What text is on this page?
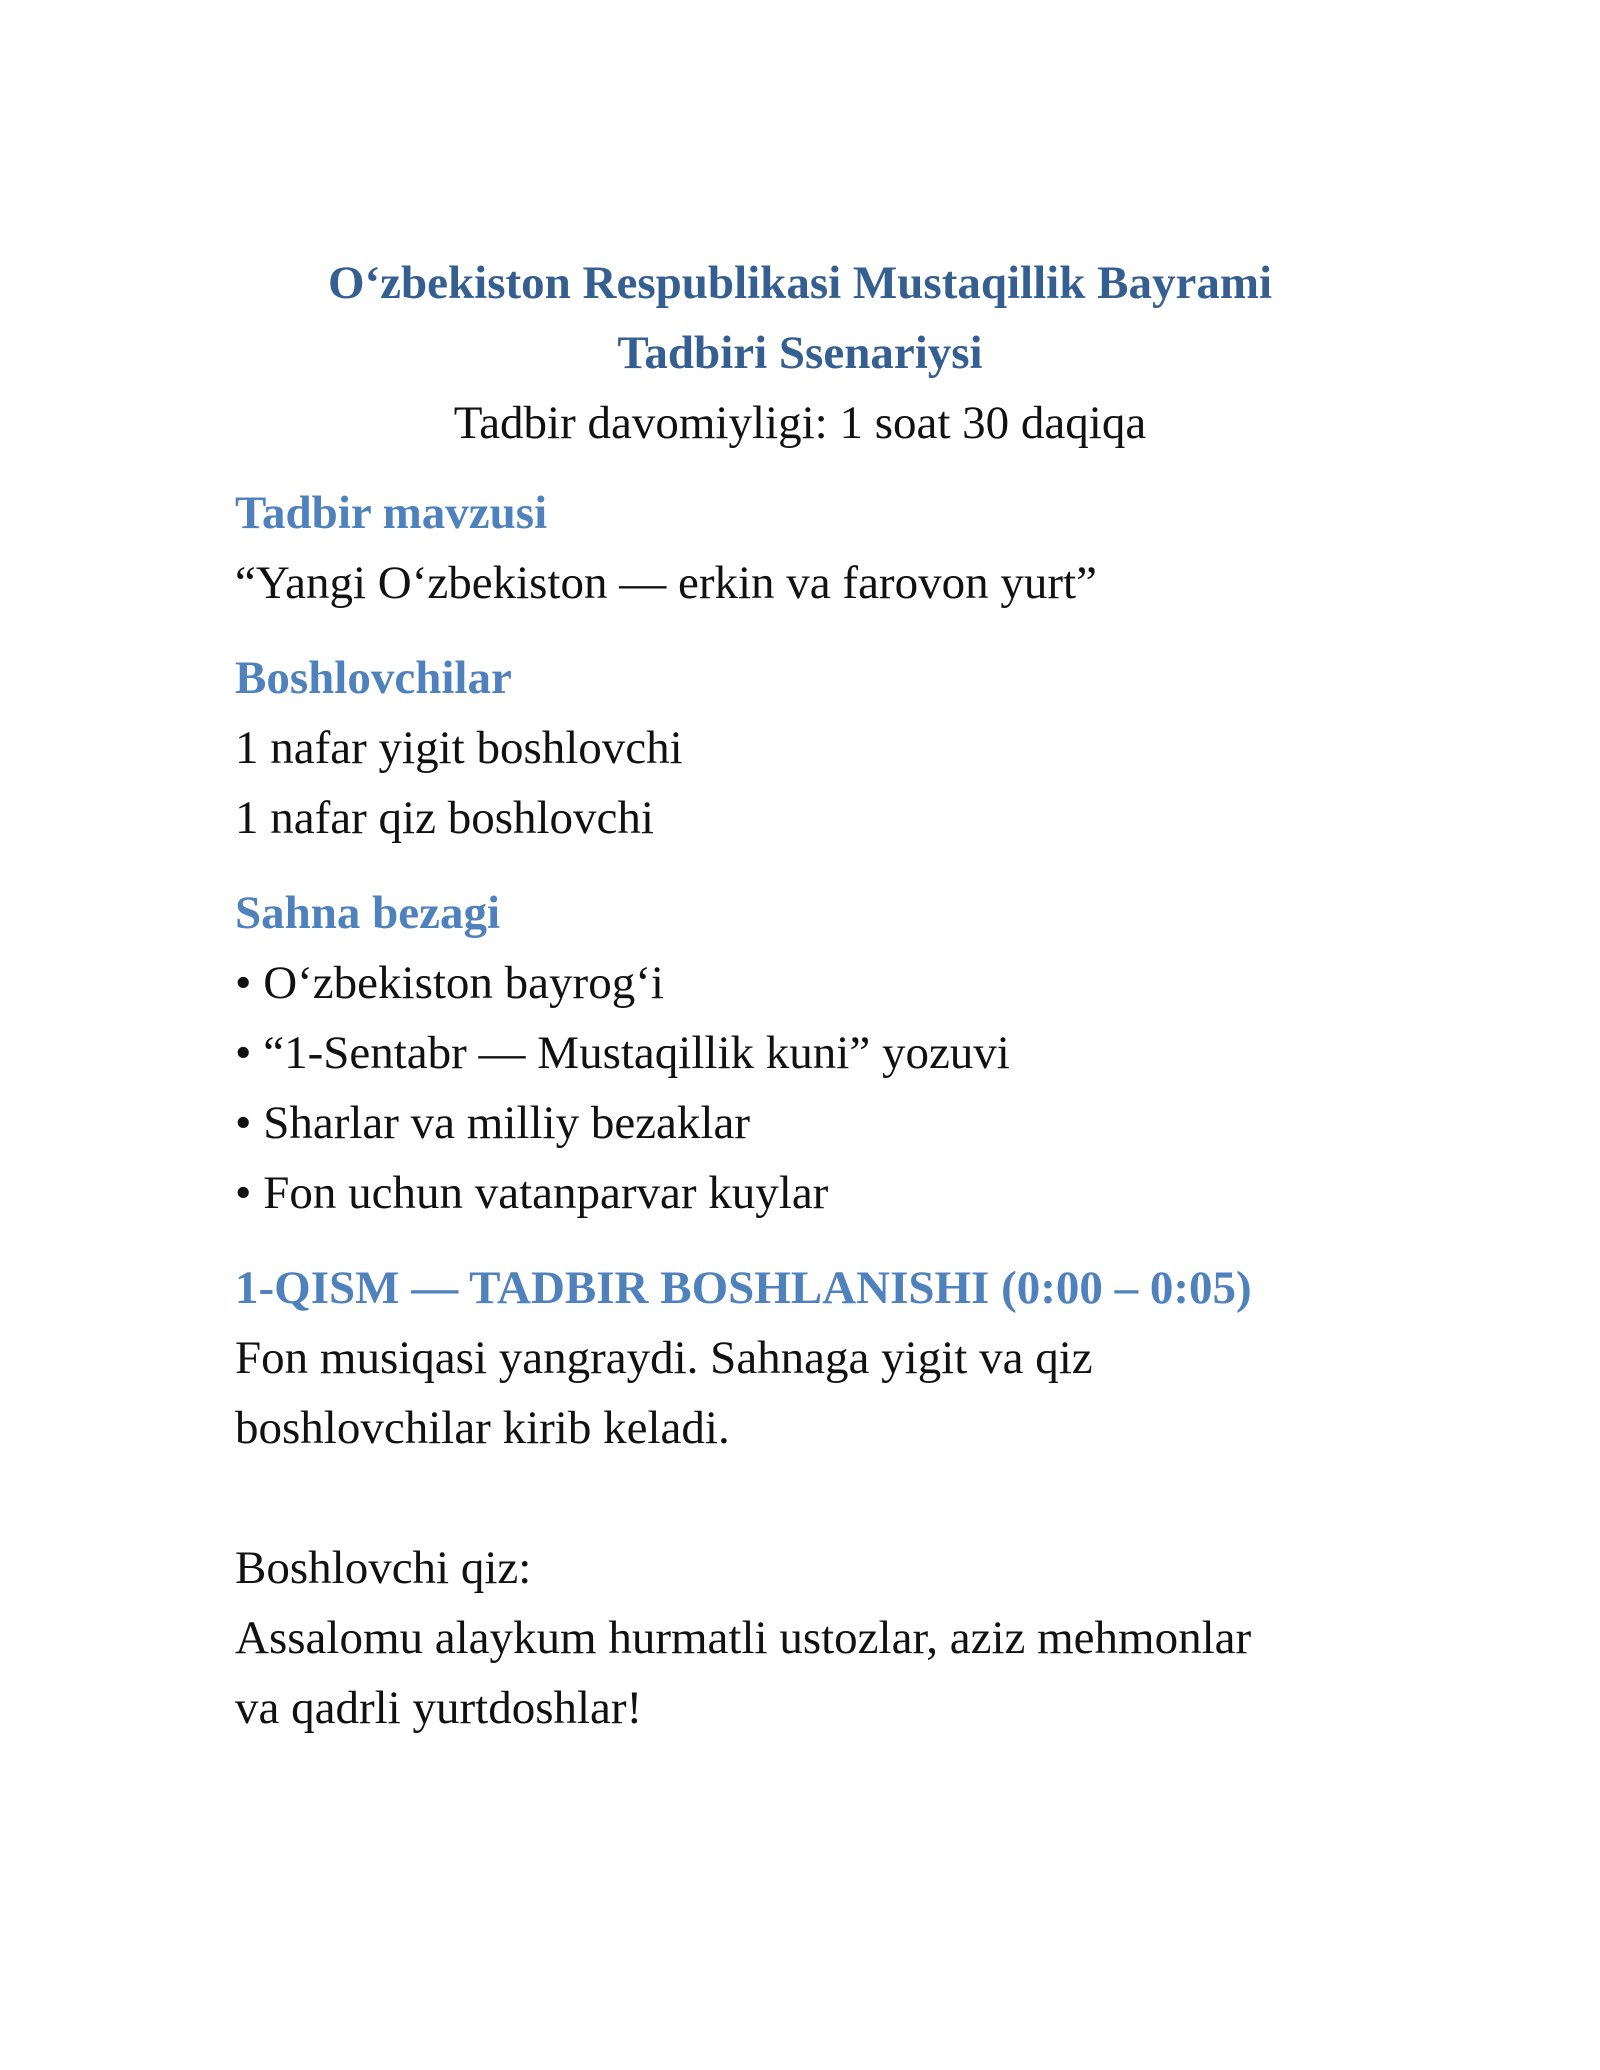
O‘zbekiston Respublikasi Mustaqillik Bayrami

Tadbiri Ssenariysi

Tadbir davomiyligi: 1 soat 30 daqiqa

Tadbir mavzusi

“Yangi O‘zbekiston — erkin va farovon yurt”

Boshlovchilar

1 nafar yigit boshlovchi

1 nafar qiz boshlovchi

Sahna bezagi

• O‘zbekiston bayrog‘i

• “1-Sentabr — Mustaqillik kuni” yozuvi

• Sharlar va milliy bezaklar

• Fon uchun vatanparvar kuylar

1-QISM — TADBIR BOSHLANISHI (0:00 – 0:05)

Fon musiqasi yangraydi. Sahnaga yigit va qiz boshlovchilar kirib keladi.

Boshlovchi qiz:

Assalomu alaykum hurmatli ustozlar, aziz mehmonlar va qadrli yurtdoshlar!
